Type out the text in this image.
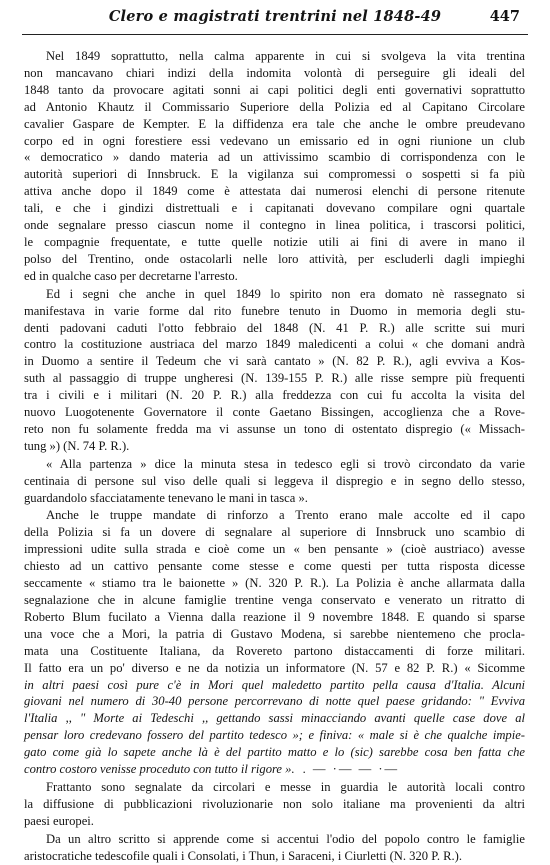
Clero e magistrati trentrini nel 1848-49	447
Nel 1849 soprattutto, nella calma apparente in cui si svolgeva la vita trentina
non mancavano chiari indizi della indomita volontà di perseguire gli ideali del
1848 tanto da provocare agitati sonni ai capi politici degli enti governativi soprattutto
ad Antonio Khautz il Commissario Superiore della Polizia ed al Capitano Circolare
cavalier Gaspare de Kempter. E la diffidenza era tale che anche le ombre preudevano
corpo ed in ogni forestiere essi vedevano un emissario ed in ogni riunione un club
« democratico » dando materia ad un attivissimo scambio di corrispondenza con le
autorità superiori di Innsbruck. E la vigilanza sui compromessi o sospetti si fa più
attiva anche dopo il 1849 come è attestata dai numerosi elenchi di persone ritenute
tali, e che i gindizi distrettuali e i capitanati dovevano compilare ogni quartale
onde segnalare presso ciascun nome il contegno in linea politica, i trascorsi politici,
le compagnie frequentate, e tutte quelle notizie utili ai fini di avere in mano il
polso del Trentino, onde ostacolarli nelle loro attività, per escluderli dagli impieghi
ed in qualche caso per decretarne l'arresto.
Ed i segni che anche in quel 1849 lo spirito non era domato nè rassegnato si
manifestava in varie forme dal rito funebre tenuto in Duomo in memoria degli stu-
denti padovani caduti l'otto febbraio del 1848 (N. 41 P. R.) alle scritte sui muri
contro la costituzione austriaca del marzo 1849 maledicenti a colui « che domani andrà
in Duomo a sentire il Tedeum che vi sarà cantato » (N. 82 P. R.), agli evviva a Kos-
suth al passaggio di truppe ungheresi (N. 139-155 P. R.) alle risse sempre più frequenti
tra i civili e i militari (N. 20 P. R.) alla freddezza con cui fu accolta la visita del
nuovo Luogotenente Governatore il conte Gaetano Bissingen, accoglienza che a Rove-
reto non fu solamente fredda ma vi assunse un tono di ostentato dispregio (« Missach-
tung ») (N. 74 P. R.).
« Alla partenza » dice la minuta stesa in tedesco egli si trovò circondato da varie
centinaia di persone sul viso delle quali si leggeva il dispregio e in segno dello stesso,
guardandolo sfacciatamente tenevano le mani in tasca ».
Anche le truppe mandate di rinforzo a Trento erano male accolte ed il capo
della Polizia si fa un dovere di segnalare al superiore di Innsbruck uno scambio di
impressioni udite sulla strada e cioè come un « ben pensante » (cioè austriaco) avesse
chiesto ad un cattivo pensante come stesse e come questi per tutta risposta dicesse
seccamente « stiamo tra le baionette » (N. 320 P. R.). La Polizia è anche allarmata dalla
segnalazione che in alcune famiglie trentine venga conservato e venerato un ritratto di
Roberto Blum fucilato a Vienna dalla reazione il 9 novembre 1848. E quando si sparse
una voce che a Mori, la patria di Gustavo Modena, si sarebbe nientemeno che procla-
mata una Costituente Italiana, da Rovereto partono distaccamenti di forze militari.
Il fatto era un po' diverso e ne da notizia un informatore (N. 57 e 82 P. R.) « Sicomme
in altri paesi così pure c'è in Mori quel maledetto partito pella causa d'Italia. Alcuni
giovani nel numero di 30-40 persone percorrevano di notte quel paese gridando: " Evviva
l'Italia ,, " Morte ai Tedeschi ,, gettando sassi minacciando avanti quelle case dove al
pensar loro credevano fossero del partito tedesco »; e finiva: « male si è che qualche impie-
gato come già lo sapete anche là è del partito matto e lo (sic) sarebbe cosa ben fatta che
contro costoro venisse proceduto con tutto il rigore ». . — ·— — ·—
Frattanto sono segnalate da circolari e messe in guardia le autorità locali contro
la diffusione di pubblicazioni rivoluzionarie non solo italiane ma provenienti da altri
paesi europei.
Da un altro scritto si apprende come si accentui l'odio del popolo contro le famiglie
aristocratiche tedescofile quali i Consolati, i Thun, i Saraceni, i Ciurletti (N. 320 P. R.).
